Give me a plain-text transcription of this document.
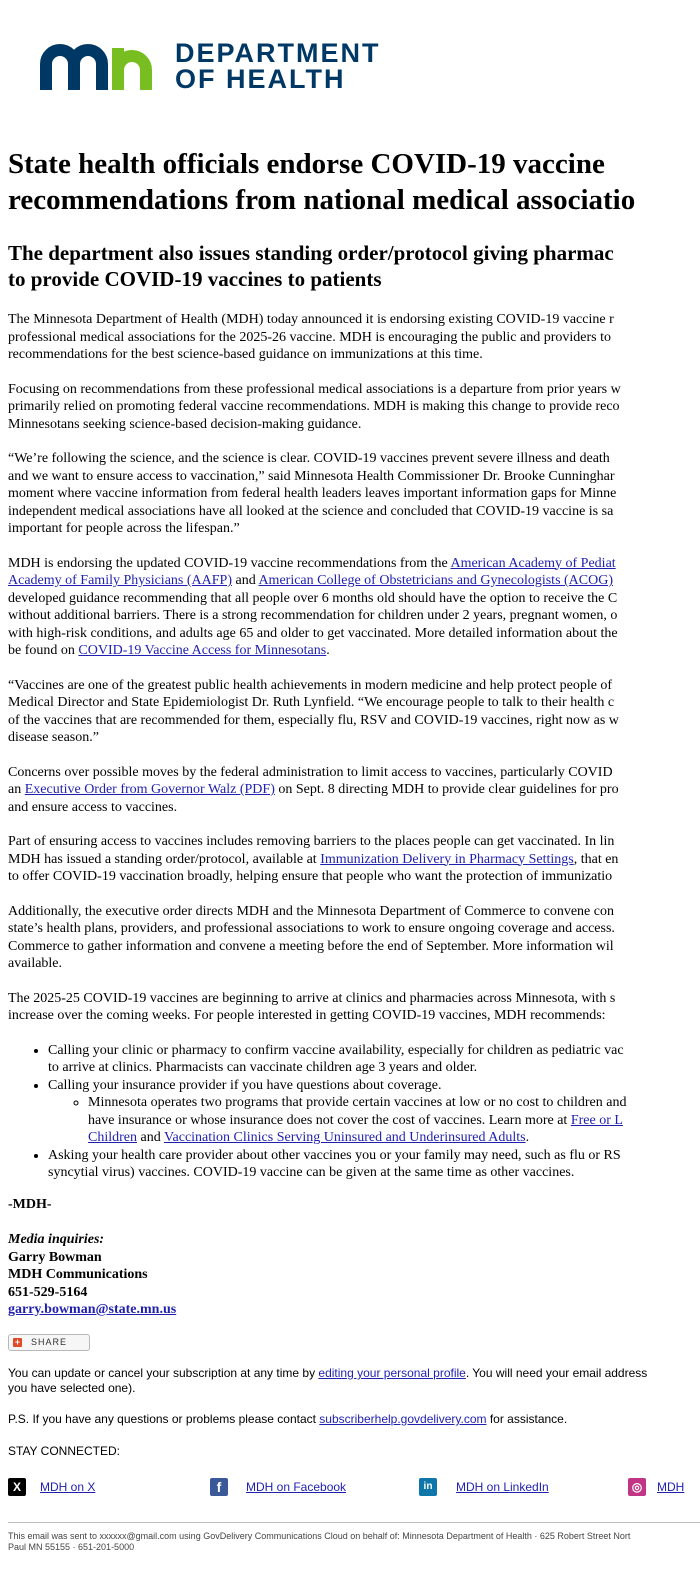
DEPARTMENT
OF HEALTH
State health officials endorse COVID-19 vaccine
recommendations from national medical associatio
The department also issues standing order/protocol giving pharmac
to provide COVID-19 vaccines to patients

The Minnesota Department of Health (MDH) today announced it is endorsing existing COVID-19 vaccine r
professional medical associations for the 2025-26 vaccine. MDH is encouraging the public and providers to
recommendations for the best science-based guidance on immunizations at this time.

Focusing on recommendations from these professional medical associations is a departure from prior years w
primarily relied on promoting federal vaccine recommendations. MDH is making this change to provide reco
Minnesotans seeking science-based decision-making guidance.

“We’re following the science, and the science is clear. COVID-19 vaccines prevent severe illness and death
and we want to ensure access to vaccination,” said Minnesota Health Commissioner Dr. Brooke Cunninghar
moment where vaccine information from federal health leaders leaves important information gaps for Minne
independent medical associations have all looked at the science and concluded that COVID-19 vaccine is sa
important for people across the lifespan.”

MDH is endorsing the updated COVID-19 vaccine recommendations from the American Academy of Pediat
Academy of Family Physicians (AAFP) and American College of Obstetricians and Gynecologists (ACOG)
developed guidance recommending that all people over 6 months old should have the option to receive the C
without additional barriers. There is a strong recommendation for children under 2 years, pregnant women, o
with high-risk conditions, and adults age 65 and older to get vaccinated. More detailed information about the
be found on COVID-19 Vaccine Access for Minnesotans.

“Vaccines are one of the greatest public health achievements in modern medicine and help protect people of
Medical Director and State Epidemiologist Dr. Ruth Lynfield. “We encourage people to talk to their health c
of the vaccines that are recommended for them, especially flu, RSV and COVID-19 vaccines, right now as w
disease season.”

Concerns over possible moves by the federal administration to limit access to vaccines, particularly COVID
an Executive Order from Governor Walz (PDF) on Sept. 8 directing MDH to provide clear guidelines for pro
and ensure access to vaccines.

Part of ensuring access to vaccines includes removing barriers to the places people can get vaccinated. In lin
MDH has issued a standing order/protocol, available at Immunization Delivery in Pharmacy Settings, that en
to offer COVID-19 vaccination broadly, helping ensure that people who want the protection of immunizatio

Additionally, the executive order directs MDH and the Minnesota Department of Commerce to convene con
state’s health plans, providers, and professional associations to work to ensure ongoing coverage and access.
Commerce to gather information and convene a meeting before the end of September. More information wil
available.

The 2025-25 COVID-19 vaccines are beginning to arrive at clinics and pharmacies across Minnesota, with s
increase over the coming weeks. For people interested in getting COVID-19 vaccines, MDH recommends:

• Calling your clinic or pharmacy to confirm vaccine availability, especially for children as pediatric vac
to arrive at clinics. Pharmacists can vaccinate children age 3 years and older.
• Calling your insurance provider if you have questions about coverage.
◦ Minnesota operates two programs that provide certain vaccines at low or no cost to children and
have insurance or whose insurance does not cover the cost of vaccines. Learn more at Free or L
Children and Vaccination Clinics Serving Uninsured and Underinsured Adults.
• Asking your health care provider about other vaccines you or your family may need, such as flu or RS
syncytial virus) vaccines. COVID-19 vaccine can be given at the same time as other vaccines.
-MDH-
Media inquiries:
Garry Bowman
MDH Communications
651-529-5164
garry.bowman@state.mn.us
+ SHARE
You can update or cancel your subscription at any time by editing your personal profile. You will need your email address
you have selected one).
P.S. If you have any questions or problems please contact subscriberhelp.govdelivery.com for assistance.
STAY CONNECTED:
X	MDH on X	f	MDH on Facebook	in	MDH on LinkedIn	◎	MDH
This email was sent to xxxxxx@gmail.com using GovDelivery Communications Cloud on behalf of: Minnesota Department of Health · 625 Robert Street Nort
Paul MN 55155 · 651-201-5000
